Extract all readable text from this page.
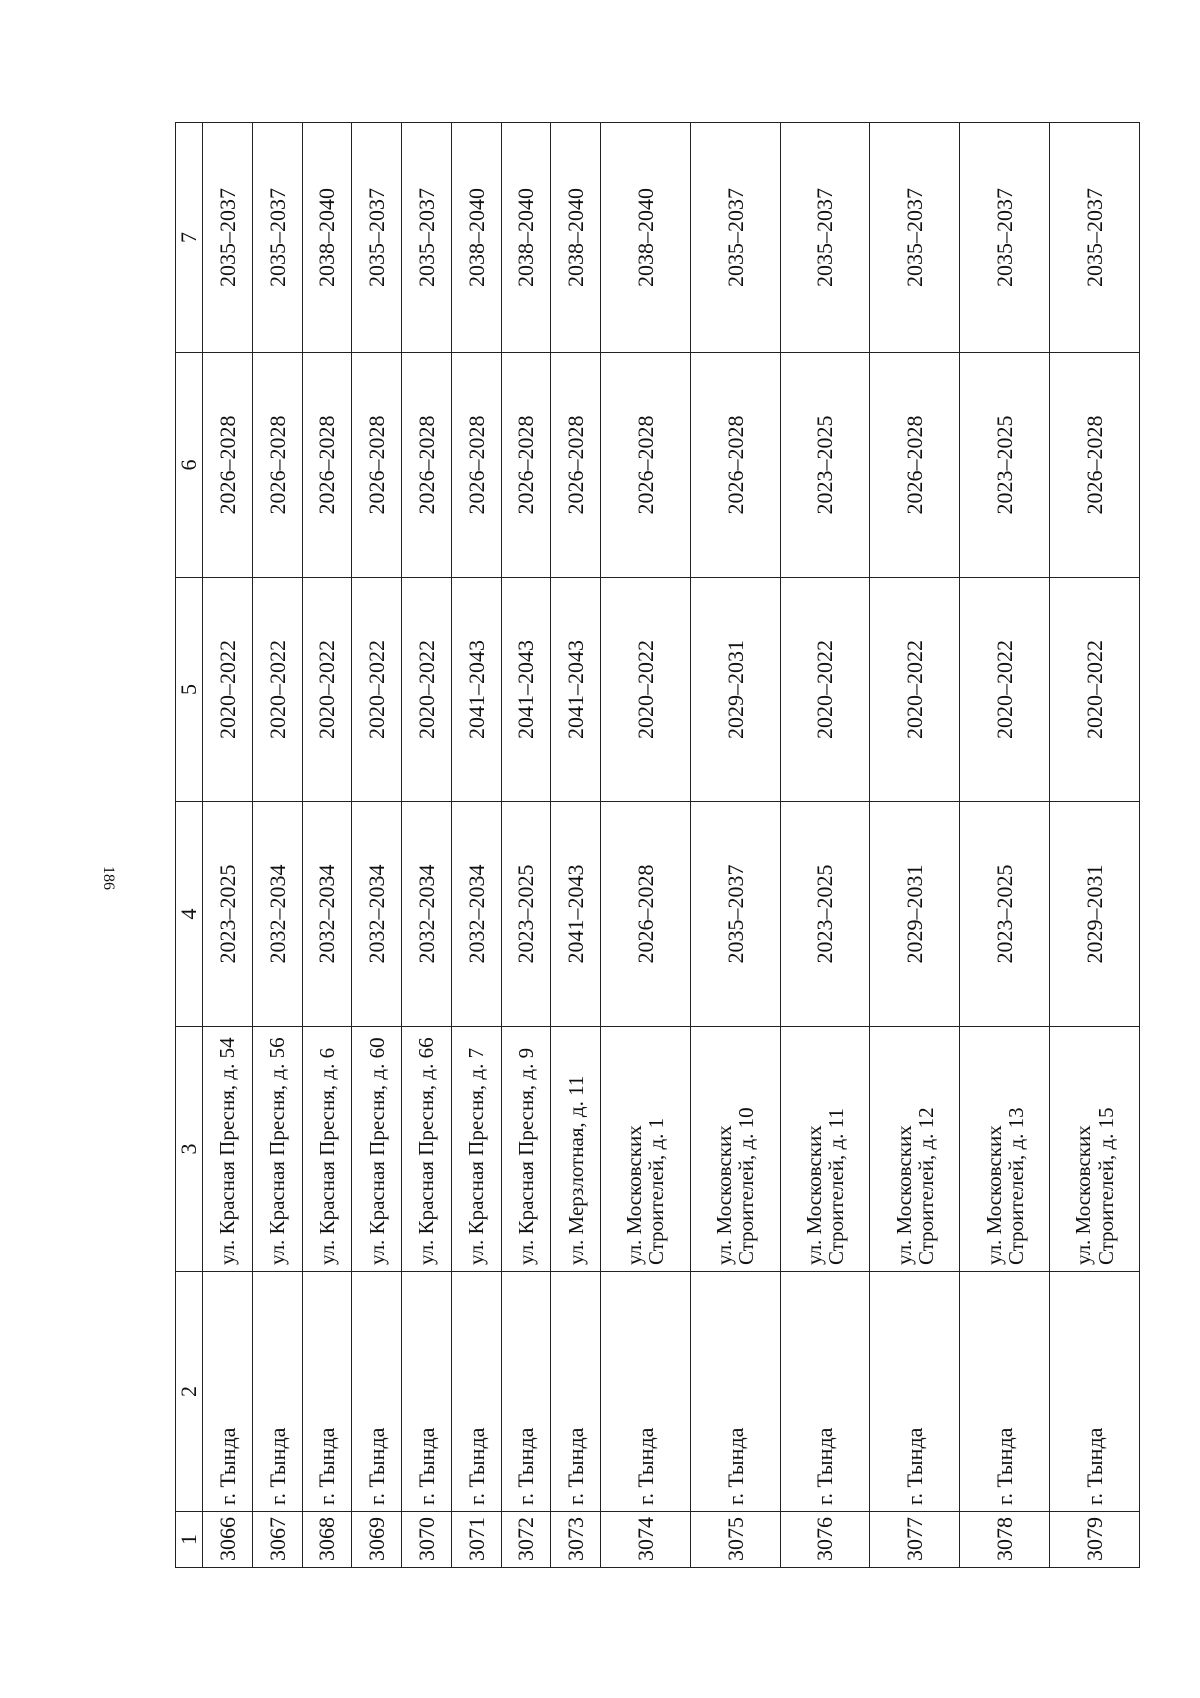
186
1	2	3	4	5	6	7
3066	г. Тында	ул. Красная Пресня, д. 54	2023–2025	2020–2022	2026–2028	2035–2037
3067	г. Тында	ул. Красная Пресня, д. 56	2032–2034	2020–2022	2026–2028	2035–2037
3068	г. Тында	ул. Красная Пресня, д. 6	2032–2034	2020–2022	2026–2028	2038–2040
3069	г. Тында	ул. Красная Пресня, д. 60	2032–2034	2020–2022	2026–2028	2035–2037
3070	г. Тында	ул. Красная Пресня, д. 66	2032–2034	2020–2022	2026–2028	2035–2037
3071	г. Тында	ул. Красная Пресня, д. 7	2032–2034	2041–2043	2026–2028	2038–2040
3072	г. Тында	ул. Красная Пресня, д. 9	2023–2025	2041–2043	2026–2028	2038–2040
3073	г. Тында	ул. Мерзлотная, д. 11	2041–2043	2041–2043	2026–2028	2038–2040
3074	г. Тында	ул. Московских Строителей, д. 1	2026–2028	2020–2022	2026–2028	2038–2040
3075	г. Тында	ул. Московских Строителей, д. 10	2035–2037	2029–2031	2026–2028	2035–2037
3076	г. Тында	ул. Московских Строителей, д. 11	2023–2025	2020–2022	2023–2025	2035–2037
3077	г. Тында	ул. Московских Строителей, д. 12	2029–2031	2020–2022	2026–2028	2035–2037
3078	г. Тында	ул. Московских Строителей, д. 13	2023–2025	2020–2022	2023–2025	2035–2037
3079	г. Тында	ул. Московских Строителей, д. 15	2029–2031	2020–2022	2026–2028	2035–2037
